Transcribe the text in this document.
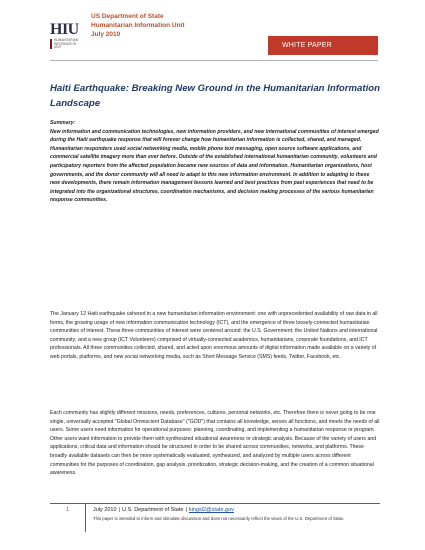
HIU
HUMANITARIAN INFORMATION UNIT
US Department of State
Humanitarian Information Unit
July 2010
WHITE PAPER
Haiti Earthquake: Breaking New Ground in the Humanitarian Information Landscape
Summary:
New information and communication technologies, new information providers, and new international communities of interest emerged during the Haiti earthquake response that will forever change how humanitarian information is collected, shared, and managed. Humanitarian responders used social networking media, mobile phone text messaging, open source software applications, and commercial satellite imagery more than ever before. Outside of the established international humanitarian community, volunteers and participatory reporters from the affected population became new sources of data and information. Humanitarian organizations, host governments, and the donor community will all need to adapt to this new information environment. In addition to adapting to these new developments, there remain information management lessons learned and best practices from past experiences that need to be integrated into the organizational structures, coordination mechanisms, and decision making processes of the various humanitarian response communities.
The January 12 Haiti earthquake ushered in a new humanitarian information environment: one with unprecedented availability of raw data in all forms, the growing usage of new information communication technology (ICT), and the emergence of three loosely-connected humanitarian communities of interest. These three communities of interest were centered around: the U.S. Government; the United Nations and international community; and a new group (ICT Volunteers) comprised of virtually-connected academics, humanitarians, corporate foundations, and ICT professionals. All three communities collected, shared, and acted upon enormous amounts of digital information made available on a variety of web portals, platforms, and new social networking media, such as Short Message Service (SMS) feeds, Twitter, Facebook, etc.
Each community has slightly different missions, needs, preferences, cultures, personal networks, etc. Therefore there is never going to be one single, universally accepted "Global Omniscient Database" ("GOD") that contains all knowledge, serves all functions, and meets the needs of all users. Some users need information for operational purposes: planning, coordinating, and implementing a humanitarian response or program. Other users want information to provide them with synthesized situational awareness or strategic analysis. Because of the variety of users and applications, critical data and information should be structured in order to be shared across communities, networks, and platforms. These broadly available datasets can then be more systematically evaluated, synthesized, and analyzed by multiple users across different communities for the purposes of coordination, gap analysis, prioritization, strategic decision-making, and the creation of a common situational awareness.
1	July 2010 | U.S. Department of State | kingsl2@state.gov
This paper is intended to inform and stimulate discussion and does not necessarily reflect the views of the U.S. Department of State.
